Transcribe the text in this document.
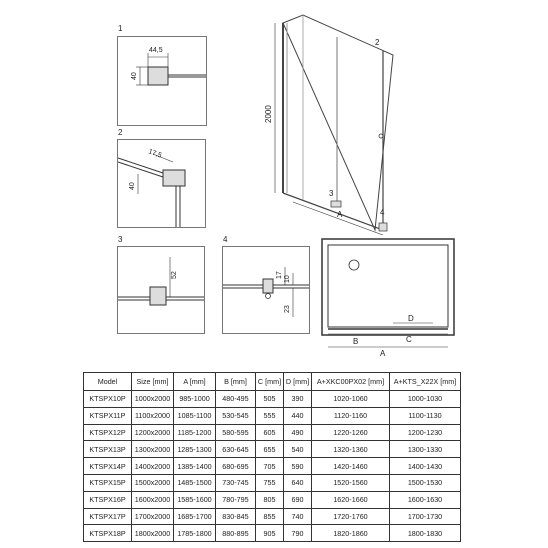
1
44,5
40
2
17,5
40
3
52
4
17
10
23
2000
A
2
3
4
D
B	C
A
Model	Size [mm]	A [mm]	B [mm]	C [mm]	D [mm]	A+XKC00PX02 [mm]	A+KTS_X22X [mm]
KTSPX10P	1000x2000	985-1000	480-495	505	390	1020-1060	1000-1030
KTSPX11P	1100x2000	1085-1100	530-545	555	440	1120-1160	1100-1130
KTSPX12P	1200x2000	1185-1200	580-595	605	490	1220-1260	1200-1230
KTSPX13P	1300x2000	1285-1300	630-645	655	540	1320-1360	1300-1330
KTSPX14P	1400x2000	1385-1400	680-695	705	590	1420-1460	1400-1430
KTSPX15P	1500x2000	1485-1500	730-745	755	640	1520-1560	1500-1530
KTSPX16P	1600x2000	1585-1600	780-795	805	690	1620-1660	1600-1630
KTSPX17P	1700x2000	1685-1700	830-845	855	740	1720-1760	1700-1730
KTSPX18P	1800x2000	1785-1800	880-895	905	790	1820-1860	1800-1830
